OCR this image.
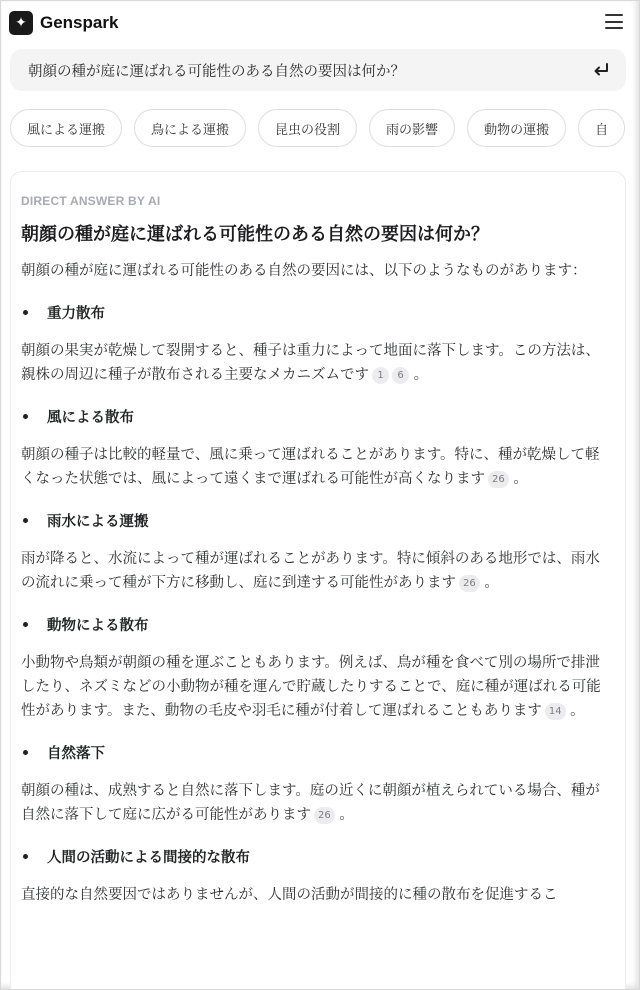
✦ Genspark
朝顔の種が庭に運ばれる可能性のある自然の要因は何か？
風による運搬	鳥による運搬	昆虫の役割	雨の影響	動物の運搬	自
DIRECT ANSWER BY AI
朝顔の種が庭に運ばれる可能性のある自然の要因は何か？
朝顔の種が庭に運ばれる可能性のある自然の要因には、以下のようなものがあります：
重力散布
朝顔の果実が乾燥して裂開すると、種子は重力によって地面に落下します。この方法は、親株の周辺に種子が散布される主要なメカニズムです 1 6 。
風による散布
朝顔の種子は比較的軽量で、風に乗って運ばれることがあります。特に、種が乾燥して軽くなった状態では、風によって遠くまで運ばれる可能性が高くなります 26 。
雨水による運搬
雨が降ると、水流によって種が運ばれることがあります。特に傾斜のある地形では、雨水の流れに乗って種が下方に移動し、庭に到達する可能性があります 26 。
動物による散布
小動物や鳥類が朝顔の種を運ぶこともあります。例えば、鳥が種を食べて別の場所で排泄したり、ネズミなどの小動物が種を運んで貯蔵したりすることで、庭に種が運ばれる可能性があります。また、動物の毛皮や羽毛に種が付着して運ばれることもあります 14 。
自然落下
朝顔の種は、成熟すると自然に落下します。庭の近くに朝顔が植えられている場合、種が自然に落下して庭に広がる可能性があります 26 。
人間の活動による間接的な散布
直接的な自然要因ではありませんが、人間の活動が間接的に種の散布を促進するこ
